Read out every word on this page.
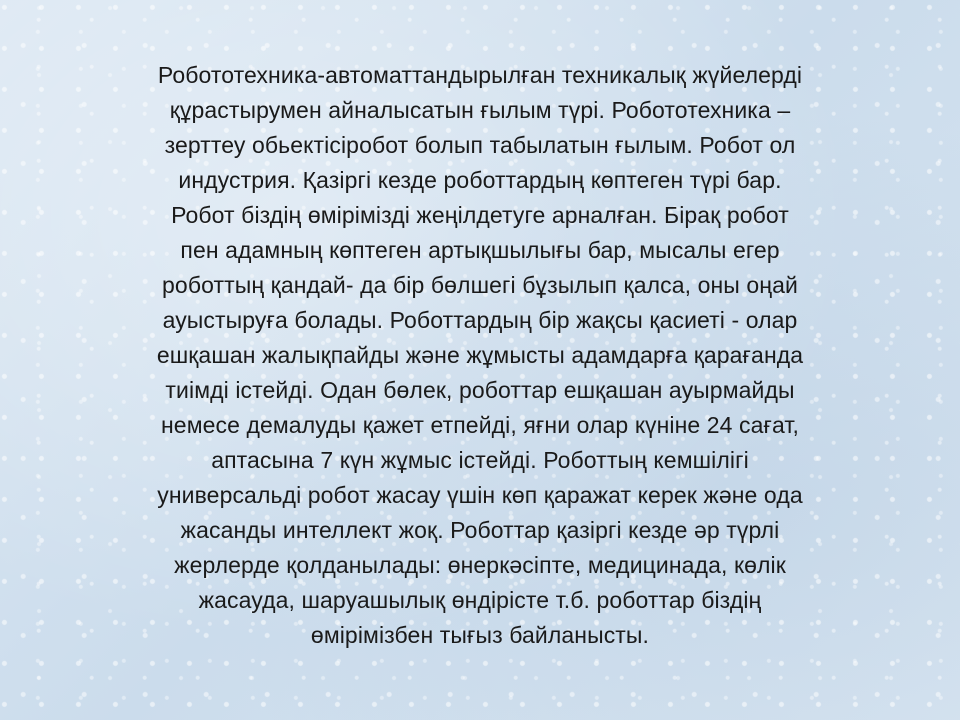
Робототехника-автоматтандырылған техникалық жүйелерді
құрастырумен айналысатын ғылым түрі. Робототехника –
зерттеу обьектісіробот болып табылатын ғылым. Робот ол
индустрия. Қазіргі кезде роботтардың көптеген түрі бар.
Робот біздің өмірімізді жеңілдетуге арналған. Бірақ робот
пен адамның көптеген артықшылығы бар, мысалы егер
роботтың қандай- да бір бөлшегі бұзылып қалса, оны оңай
ауыстыруға болады. Роботтардың бір жақсы қасиеті - олар
ешқашан жалықпайды және жұмысты адамдарға қарағанда
тиімді істейді. Одан бөлек, роботтар ешқашан ауырмайды
немесе демалуды қажет етпейді, яғни олар күніне 24 сағат,
аптасына 7 күн жұмыс істейді. Роботтың кемшілігі
универсальді робот жасау үшін көп қаражат керек және ода
жасанды интеллект жоқ. Роботтар қазіргі кезде әр түрлі
жерлерде қолданылады: өнеркәсіпте, медицинада, көлік
жасауда, шаруашылық өндірісте т.б. роботтар біздің
өмірімізбен тығыз байланысты.
